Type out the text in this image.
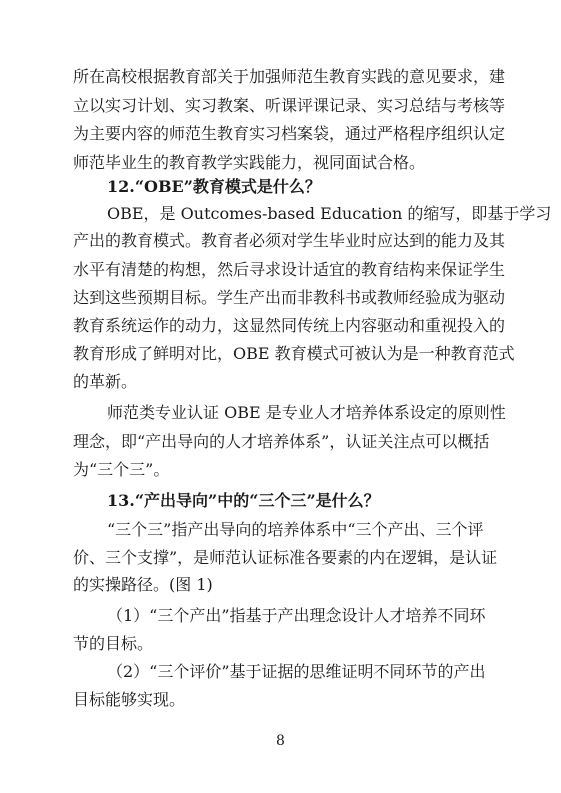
所在高校根据教育部关于加强师范生教育实践的意见要求，建
立以实习计划、实习教案、听课评课记录、实习总结与考核等
为主要内容的师范生教育实习档案袋，通过严格程序组织认定
师范毕业生的教育教学实践能力，视同面试合格。
12.“OBE”教育模式是什么？
OBE，是 Outcomes-based Education 的缩写，即基于学习
产出的教育模式。教育者必须对学生毕业时应达到的能力及其
水平有清楚的构想，然后寻求设计适宜的教育结构来保证学生
达到这些预期目标。学生产出而非教科书或教师经验成为驱动
教育系统运作的动力，这显然同传统上内容驱动和重视投入的
教育形成了鲜明对比，OBE 教育模式可被认为是一种教育范式
的革新。
师范类专业认证 OBE 是专业人才培养体系设定的原则性
理念，即“产出导向的人才培养体系”，认证关注点可以概括
为“三个三”。
13.“产出导向”中的“三个三”是什么？
“三个三”指产出导向的培养体系中“三个产出、三个评
价、三个支撑”，是师范认证标准各要素的内在逻辑，是认证
的实操路径。(图 1)
（1）“三个产出”指基于产出理念设计人才培养不同环
节的目标。
（2）“三个评价”基于证据的思维证明不同环节的产出
目标能够实现。
8
